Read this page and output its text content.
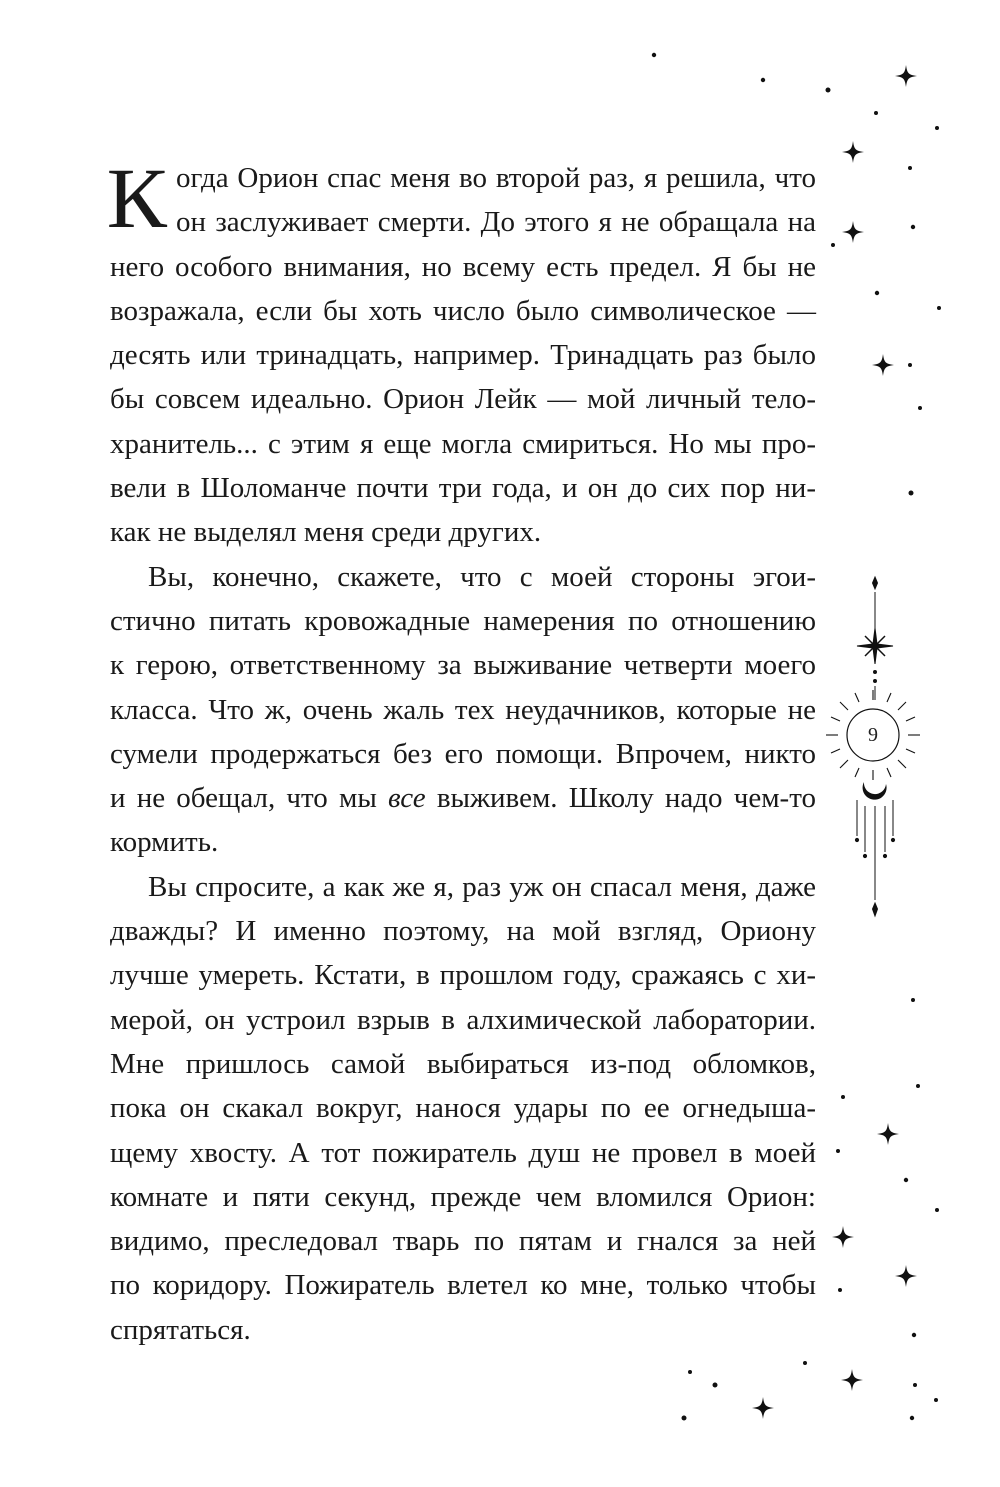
К огда Орион спас меня во второй раз, я решила, что
он заслуживает смерти. До этого я не обращала на
него особого внимания, но всему есть предел. Я бы не
возражала, если бы хоть число было символическое —
десять или тринадцать, например. Тринадцать раз было
бы совсем идеально. Орион Лейк — мой личный тело-
хранитель... с этим я еще могла смириться. Но мы про-
вели в Шоломанче почти три года, и он до сих пор ни-
как не выделял меня среди других.
Вы, конечно, скажете, что с моей стороны эгои-
стично питать кровожадные намерения по отношению
к герою, ответственному за выживание четверти моего
класса. Что ж, очень жаль тех неудачников, которые не
сумели продержаться без его помощи. Впрочем, никто
и не обещал, что мы все выживем. Школу надо чем-то
кормить.
Вы спросите, а как же я, раз уж он спасал меня, даже
дважды? И именно поэтому, на мой взгляд, Ориону
лучше умереть. Кстати, в прошлом году, сражаясь с хи-
мерой, он устроил взрыв в алхимической лаборатории.
Мне пришлось самой выбираться из-под обломков,
пока он скакал вокруг, нанося удары по ее огнедыша-
щему хвосту. А тот пожиратель душ не провел в моей
комнате и пяти секунд, прежде чем вломился Орион:
видимо, преследовал тварь по пятам и гнался за ней
по коридору. Пожиратель влетел ко мне, только чтобы
спрятаться.
9
